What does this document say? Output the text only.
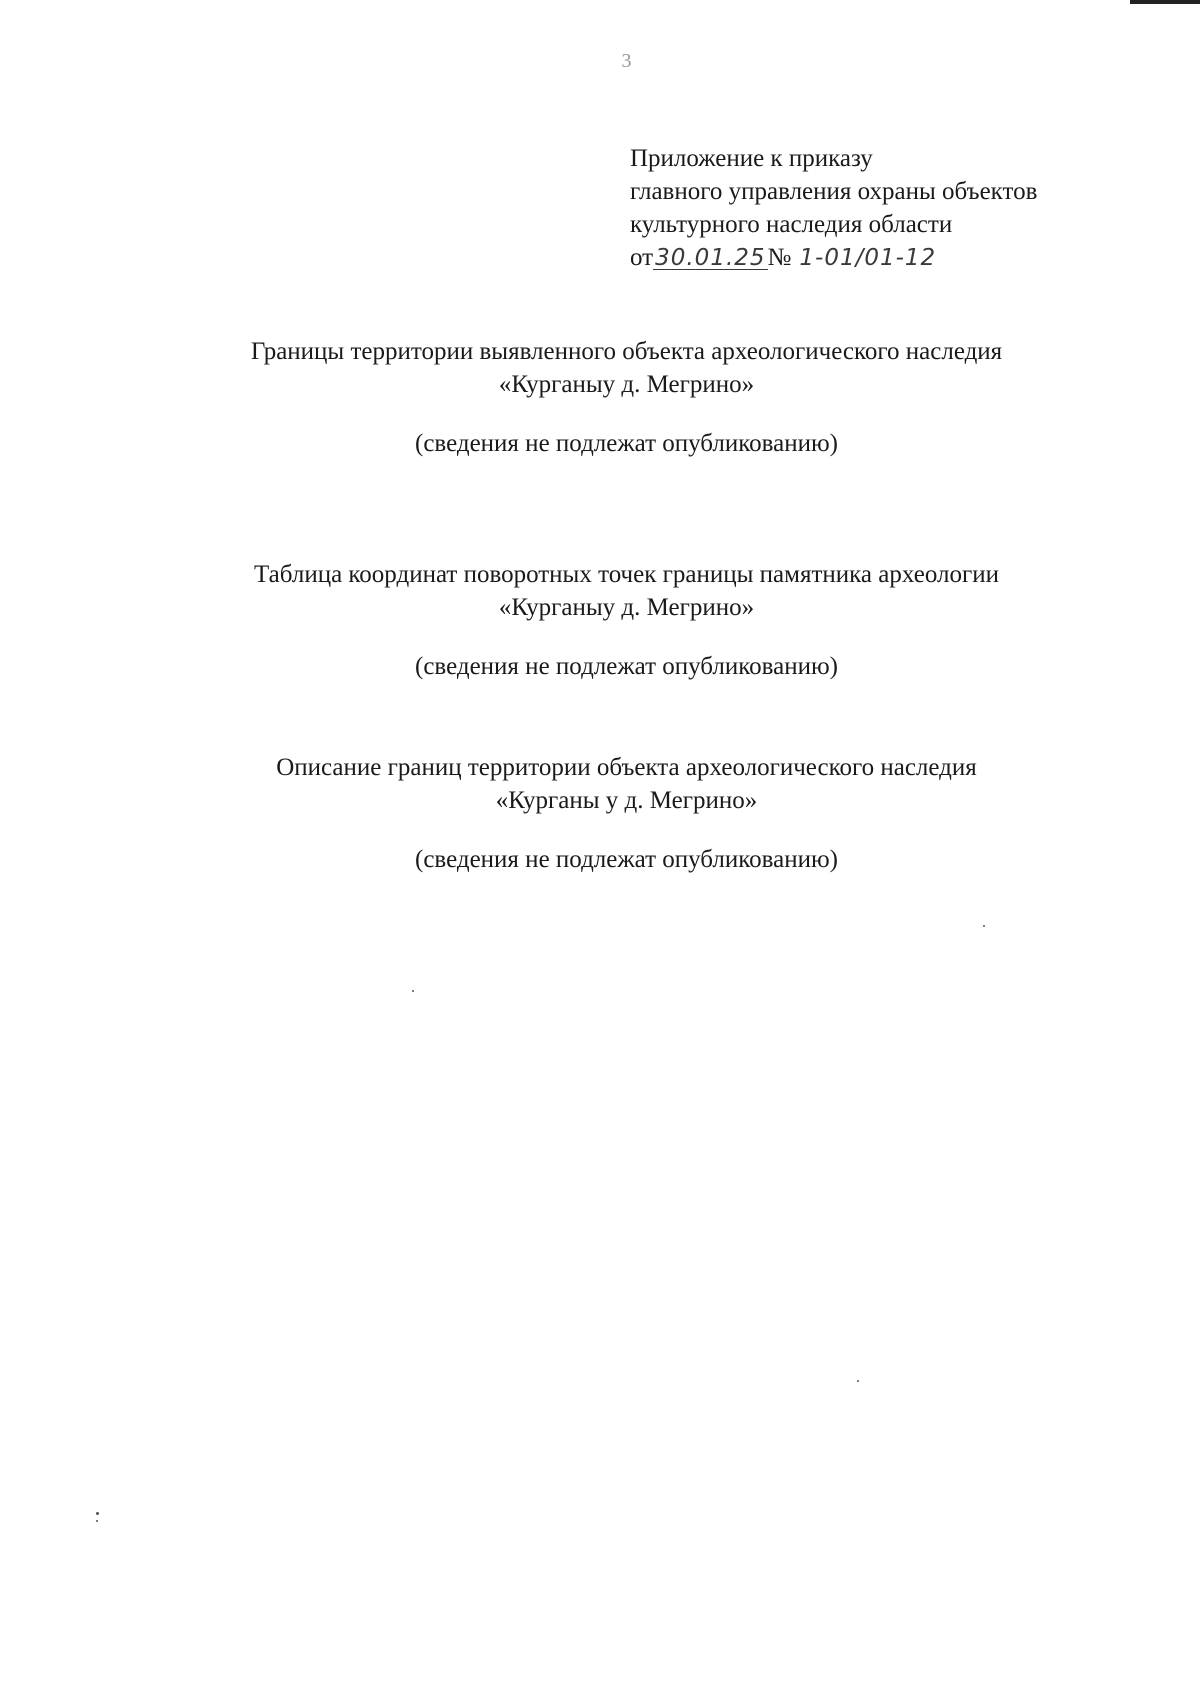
3
Приложение к приказу
главного управления охраны объектов
культурного наследия области
от30.01.25№ 1-01/01-12
Границы территории выявленного объекта археологического наследия
«Курганыу д. Мегрино»
(сведения не подлежат опубликованию)
Таблица координат поворотных точек границы памятника археологии
«Курганыу д. Мегрино»
(сведения не подлежат опубликованию)
Описание границ территории объекта археологического наследия
«Курганы у д. Мегрино»
(сведения не подлежат опубликованию)
